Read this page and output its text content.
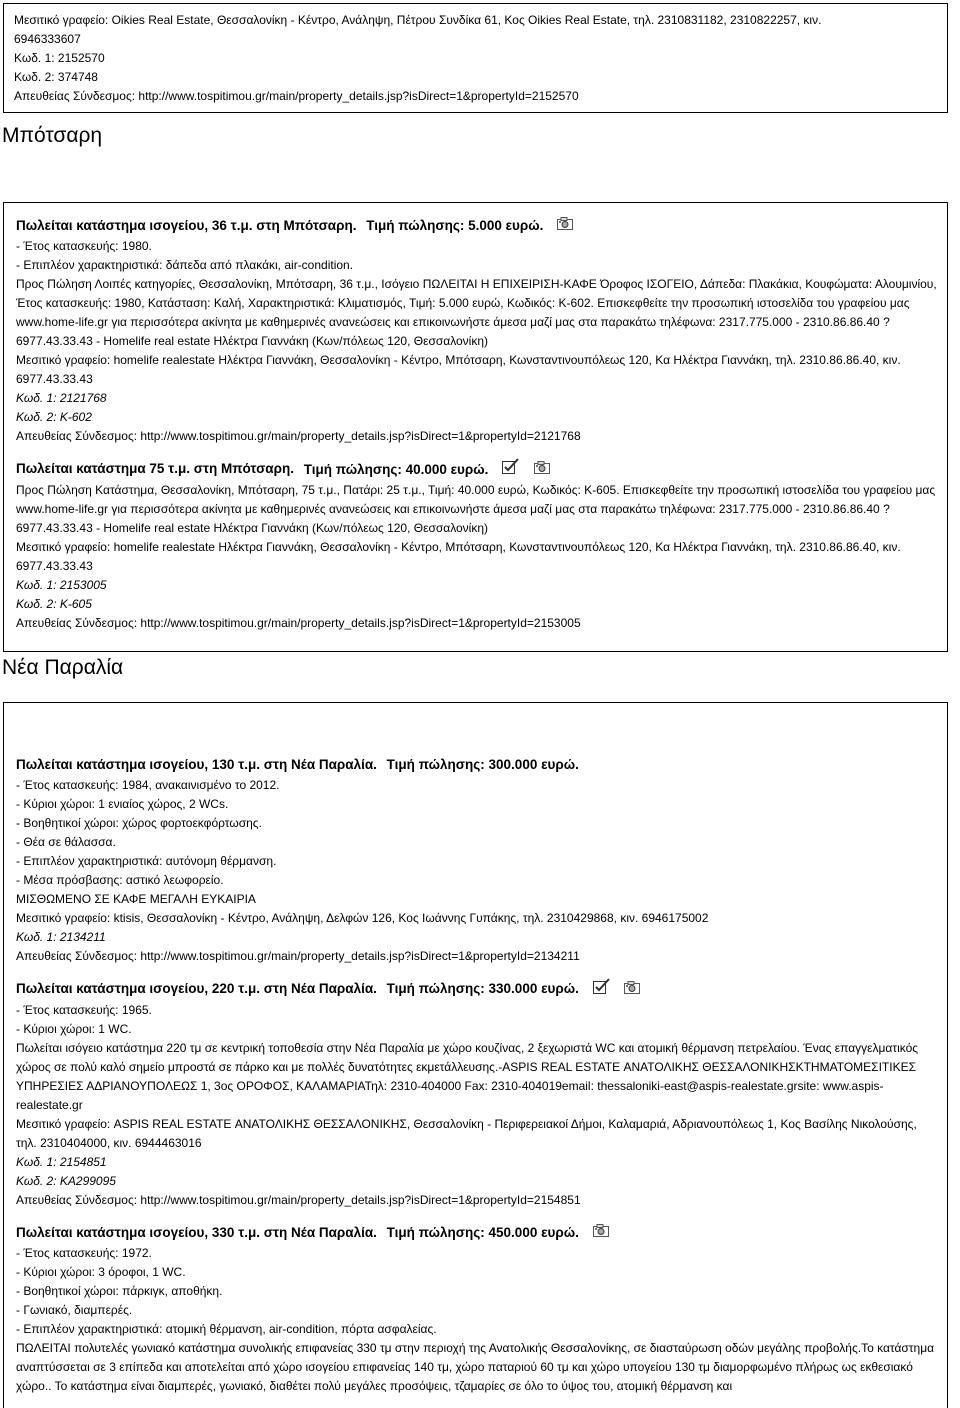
Μεσιτικό γραφείο: Oikies Real Estate, Θεσσαλονίκη - Κέντρο, Ανάληψη, Πέτρου Συνδίκα 61, Κος Oikies Real Estate, τηλ. 2310831182, 2310822257, κιν.
6946333607
Κωδ. 1: 2152570
Κωδ. 2: 374748
Απευθείας Σύνδεσμος: http://www.tospitimou.gr/main/property_details.jsp?isDirect=1&propertyId=2152570
Μπότσαρη
Πωλείται κατάστημα ισογείου, 36 τ.μ. στη Μπότσαρη. Τιμή πώλησης: 5.000 ευρώ.
- Έτος κατασκευής: 1980.
- Επιπλέον χαρακτηριστικά: δάπεδα από πλακάκι, air-condition.
Προς Πώληση Λοιπές κατηγορίες, Θεσσαλονίκη, Μπότσαρη, 36 τ.μ., Ισόγειο ΠΩΛΕΙΤΑΙ Η ΕΠΙΧΕΙΡΙΣΗ-ΚΑΦΕ Όροφος ΙΣΟΓΕΙΟ, Δάπεδα: Πλακάκια, Κουφώματα: Αλουμινίου, Έτος κατασκευής: 1980, Κατάσταση: Καλή, Χαρακτηριστικά: Κλιματισμός, Τιμή: 5.000 ευρώ, Κωδικός: K-602. Επισκεφθείτε την προσωπική ιστοσελίδα του γραφείου μας www.home-life.gr για περισσότερα ακίνητα με καθημερινές ανανεώσεις και επικοινωνήστε άμεσα μαζί μας στα παρακάτω τηλέφωνα: 2317.775.000 - 2310.86.86.40 ? 6977.43.33.43 - Homelife real estate Ηλέκτρα Γιαννάκη (Κων/πόλεως 120, Θεσσαλονίκη)
Μεσιτικό γραφείο: homelife realestate Ηλέκτρα Γιαννάκη, Θεσσαλονίκη - Κέντρο, Μπότσαρη, Κωνσταντινουπόλεως 120, Κα Ηλέκτρα Γιαννάκη, τηλ. 2310.86.86.40, κιν. 6977.43.33.43
Κωδ. 1: 2121768
Κωδ. 2: K-602
Απευθείας Σύνδεσμος: http://www.tospitimou.gr/main/property_details.jsp?isDirect=1&propertyId=2121768
Πωλείται κατάστημα 75 τ.μ. στη Μπότσαρη. Τιμή πώλησης: 40.000 ευρώ.
Προς Πώληση Κατάστημα, Θεσσαλονίκη, Μπότσαρη, 75 τ.μ., Πατάρι: 25 τ.μ., Τιμή: 40.000 ευρώ, Κωδικός: K-605. Επισκεφθείτε την προσωπική ιστοσελίδα του γραφείου μας www.home-life.gr για περισσότερα ακίνητα με καθημερινές ανανεώσεις και επικοινωνήστε άμεσα μαζί μας στα παρακάτω τηλέφωνα: 2317.775.000 - 2310.86.86.40 ? 6977.43.33.43 - Homelife real estate Ηλέκτρα Γιαννάκη (Κων/πόλεως 120, Θεσσαλονίκη)
Μεσιτικό γραφείο: homelife realestate Ηλέκτρα Γιαννάκη, Θεσσαλονίκη - Κέντρο, Μπότσαρη, Κωνσταντινουπόλεως 120, Κα Ηλέκτρα Γιαννάκη, τηλ. 2310.86.86.40, κιν. 6977.43.33.43
Κωδ. 1: 2153005
Κωδ. 2: K-605
Απευθείας Σύνδεσμος: http://www.tospitimou.gr/main/property_details.jsp?isDirect=1&propertyId=2153005
Νέα Παραλία
Πωλείται κατάστημα ισογείου, 130 τ.μ. στη Νέα Παραλία. Τιμή πώλησης: 300.000 ευρώ.
- Έτος κατασκευής: 1984, ανακαινισμένο το 2012.
- Κύριοι χώροι: 1 ενιαίος χώρος, 2 WCs.
- Βοηθητικοί χώροι: χώρος φορτοεκφόρτωσης.
- Θέα σε θάλασσα.
- Επιπλέον χαρακτηριστικά: αυτόνομη θέρμανση.
- Μέσα πρόσβασης: αστικό λεωφορείο.
ΜΙΣΘΩΜΕΝΟ ΣΕ ΚΑΦΕ ΜΕΓΑΛΗ ΕΥΚΑΙΡΙΑ
Μεσιτικό γραφείο: ktisis, Θεσσαλονίκη - Κέντρο, Ανάληψη, Δελφών 126, Κος Ιωάννης Γυπάκης, τηλ. 2310429868, κιν. 6946175002
Κωδ. 1: 2134211
Απευθείας Σύνδεσμος: http://www.tospitimou.gr/main/property_details.jsp?isDirect=1&propertyId=2134211
Πωλείται κατάστημα ισογείου, 220 τ.μ. στη Νέα Παραλία. Τιμή πώλησης: 330.000 ευρώ.
- Έτος κατασκευής: 1965.
- Κύριοι χώροι: 1 WC.
Πωλείται ισόγειο κατάστημα 220 τμ σε κεντρική τοποθεσία στην Νέα Παραλία με χώρο κουζίνας, 2 ξεχωριστά WC και ατομική θέρμανση πετρελαίου. Ένας επαγγελματικός χώρος σε πολύ καλό σημείο μπροστά σε πάρκο και με πολλές δυνατότητες εκμετάλλευσης.-ASPIS REAL ESTATE ΑΝΑΤΟΛΙΚΗΣ ΘΕΣΣΑΛΟΝΙΚΗΣΚΤΗΜΑΤΟΜΕΣΙΤΙΚΕΣ ΥΠΗΡΕΣΙΕΣ ΑΔΡΙΑΝΟΥΠΟΛΕΩΣ 1, 3ος ΟΡΟΦΟΣ, ΚΑΛΑΜΑΡΙΑΤηλ: 2310-404000 Fax: 2310-404019email: thessaloniki-east@aspis-realestate.grsite: www.aspis-realestate.gr
Μεσιτικό γραφείο: ASPIS REAL ESTATE ΑΝΑΤΟΛΙΚΗΣ ΘΕΣΣΑΛΟΝΙΚΗΣ, Θεσσαλονίκη - Περιφερειακοί Δήμοι, Καλαμαριά, Αδριανουπόλεως 1, Κος Βασίλης Νικολούσης, τηλ. 2310404000, κιν. 6944463016
Κωδ. 1: 2154851
Κωδ. 2: KA299095
Απευθείας Σύνδεσμος: http://www.tospitimou.gr/main/property_details.jsp?isDirect=1&propertyId=2154851
Πωλείται κατάστημα ισογείου, 330 τ.μ. στη Νέα Παραλία. Τιμή πώλησης: 450.000 ευρώ.
- Έτος κατασκευής: 1972.
- Κύριοι χώροι: 3 όροφοι, 1 WC.
- Βοηθητικοί χώροι: πάρκιγκ, αποθήκη.
- Γωνιακό, διαμπερές.
- Επιπλέον χαρακτηριστικά: ατομική θέρμανση, air-condition, πόρτα ασφαλείας.
ΠΩΛΕΙΤΑΙ πολυτελές γωνιακό κατάστημα συνολικής επιφανείας 330 τμ στην περιοχή της Ανατολικής Θεσσαλονίκης, σε διασταύρωση οδών μεγάλης προβολής.Το κατάστημα αναπτύσσεται σε 3 επίπεδα και αποτελείται από χώρο ισογείου επιφανείας 140 τμ, χώρο παταριού 60 τμ και χώρο υπογείου 130 τμ διαμορφωμένο πλήρως ως εκθεσιακό χώρο.. Το κατάστημα είναι διαμπερές, γωνιακό, διαθέτει πολύ μεγάλες προσόψεις, τζαμαρίες σε όλο το ύψος του, ατομική θέρμανση και
